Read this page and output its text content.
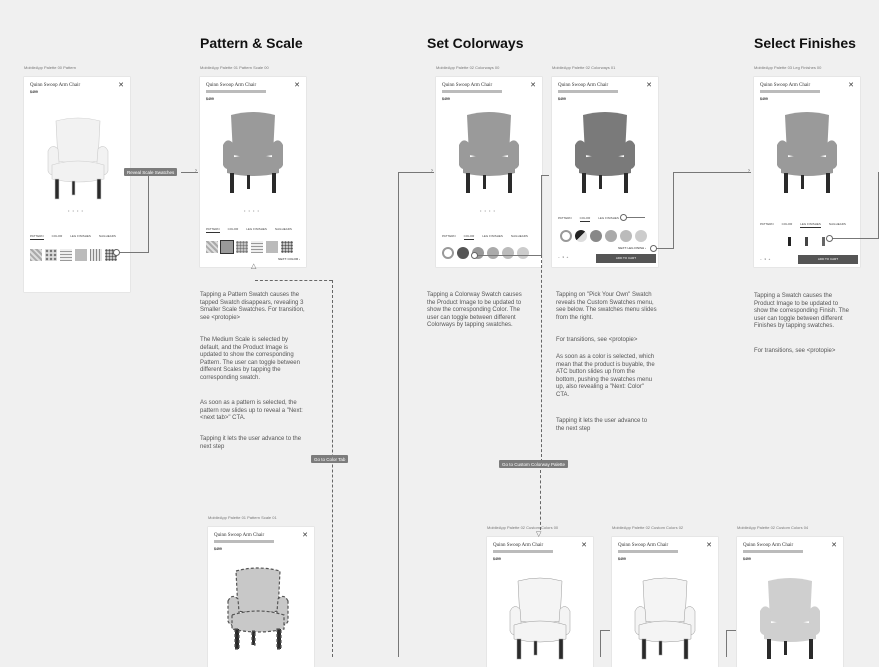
Pattern & Scale	Set Colorways	Select Finishes
MobileApp Palette 00 Pattern	MobileApp Palette 01 Pattern Scale 00	MobileApp Palette 02 Colorways 00	MobileApp Palette 02 Colorways 01	MobileApp Palette 03 Leg Finishes 00
MobileApp Palette 01 Pattern Scale 01
MobileApp Palette 02 Custom Colors 00	MobileApp Palette 02 Custom Colors 02	MobileApp Palette 02 Custom Colors 04
Quinn Swoop Arm Chair	✕
$499
• • • •
PATTERN	COLOR	LEG FINISHES	NAILHEADS
Quinn Swoop Arm Chair	✕
$499
• • • •
PATTERN	COLOR	LEG FINISHES	NAILHEADS
NEXT: COLOR ›
Quinn Swoop Arm Chair	✕
$499
• • • •
PATTERN	COLOR	LEG FINISHES	NAILHEADS
Quinn Swoop Arm Chair	✕
$499
PATTERN	COLOR	LEG FINISHES
NEXT: LEG FINISH ›
−   1   +	ADD TO CART
Quinn Swoop Arm Chair	✕
$499
PATTERN	COLOR	LEG FINISHES	NAILHEADS
−   1   +	ADD TO CART
Quinn Swoop Arm Chair	✕
$499
Quinn Swoop Arm Chair	✕
$499
Quinn Swoop Arm Chair	✕
$499
Quinn Swoop Arm Chair	✕
$499
Tapping a Pattern Swatch causes the
tapped Swatch disappears, revealing 3
Smaller Scale Swatches. For transition,
see <protopie>
The Medium Scale is selected by
default, and the Product Image is
updated to show the corresponding
Pattern. The user can toggle between
different Scales by tapping the
corresponding swatch.
As soon as a pattern is selected, the
pattern row slides up to reveal a "Next:
<next tab>" CTA.
Tapping it lets the user advance to the
next step
Tapping a Colorway Swatch causes
the Product Image to be updated to
show the corresponding Color. The
user can toggle between different
Colorways by tapping swatches.
Tapping on "Pick Your Own" Swatch
reveals the Custom Swatches menu,
see below. The swatches menu slides
from the right.
For transitions, see <protopie>
As soon as a color is selected, which
mean that the product is buyable, the
ATC button slides up from the
bottom, pushing the swatches menu
up, also revealing a "Next: Color"
CTA.
Tapping it lets the user advance to
the next step
Tapping a Swatch causes the
Product Image to be updated to
show the corresponding Finish. The
user can toggle between different
Finishes by tapping swatches.
For transitions, see <protopie>
Reveal Scale Swatches	›
△
Go to Color Tab
›
Go to Custom Colorway Palette
▽
›
